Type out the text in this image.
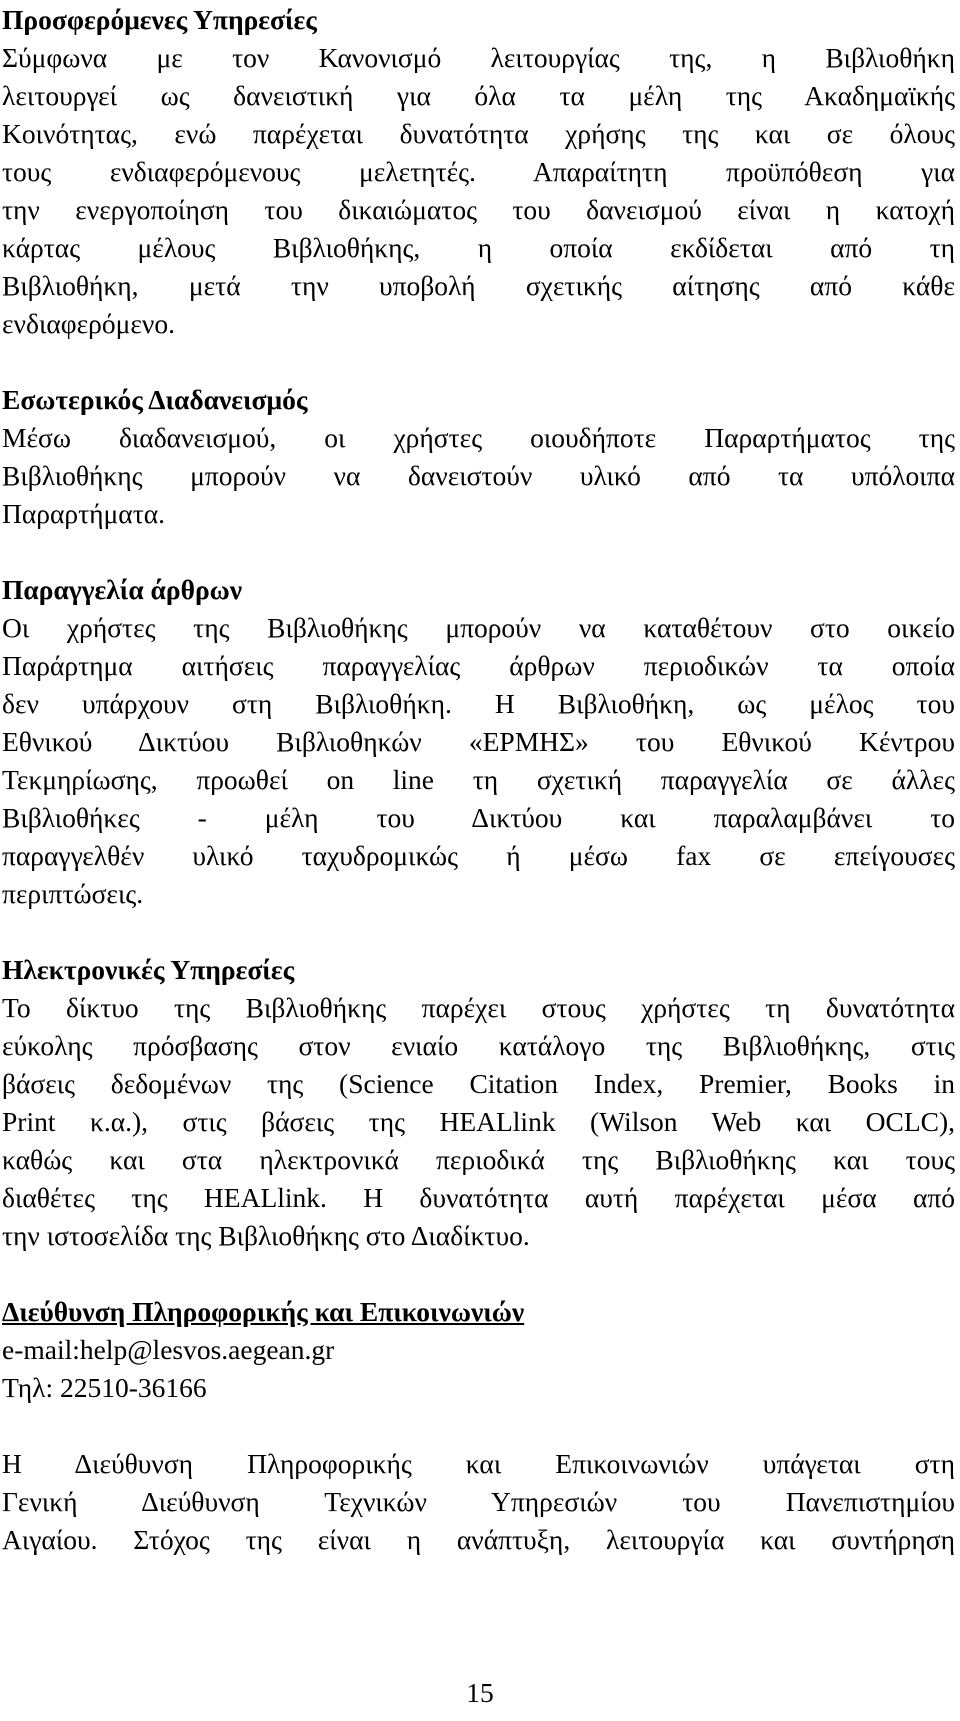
Προσφερόμενες Υπηρεσίες
Σύμφωνα με τον Κανονισμό λειτουργίας της, η Βιβλιοθήκη
λειτουργεί ως δανειστική για όλα τα μέλη της Ακαδημαϊκής
Κοινότητας, ενώ παρέχεται δυνατότητα χρήσης της και σε όλους
τους ενδιαφερόμενους μελετητές. Απαραίτητη προϋπόθεση για
την ενεργοποίηση του δικαιώματος του δανεισμού είναι η κατοχή
κάρτας μέλους Βιβλιοθήκης, η οποία εκδίδεται από τη
Βιβλιοθήκη, μετά την υποβολή σχετικής αίτησης από κάθε
ενδιαφερόμενο.
Εσωτερικός Διαδανεισμός
Μέσω διαδανεισμού, οι χρήστες οιουδήποτε Παραρτήματος της
Βιβλιοθήκης μπορούν να δανειστούν υλικό από τα υπόλοιπα
Παραρτήματα.
Παραγγελία άρθρων
Οι χρήστες της Βιβλιοθήκης μπορούν να καταθέτουν στο οικείο
Παράρτημα αιτήσεις παραγγελίας άρθρων περιοδικών τα οποία
δεν υπάρχουν στη Βιβλιοθήκη. Η Βιβλιοθήκη, ως μέλος του
Εθνικού Δικτύου Βιβλιοθηκών «ΕΡΜΗΣ» του Εθνικού Κέντρου
Τεκμηρίωσης, προωθεί on line τη σχετική παραγγελία σε άλλες
Βιβλιοθήκες - μέλη του Δικτύου και παραλαμβάνει το
παραγγελθέν υλικό ταχυδρομικώς ή μέσω fax σε επείγουσες
περιπτώσεις.
Ηλεκτρονικές Υπηρεσίες
Το δίκτυο της Βιβλιοθήκης παρέχει στους χρήστες τη δυνατότητα
εύκολης πρόσβασης στον ενιαίο κατάλογο της Βιβλιοθήκης, στις
βάσεις δεδομένων της (Science Citation Index, Premier, Books in
Print κ.α.), στις βάσεις της HEALlink (Wilson Web και OCLC),
καθώς και στα ηλεκτρονικά περιοδικά της Βιβλιοθήκης και τους
διαθέτες της HEALlink. Η δυνατότητα αυτή παρέχεται μέσα από
την ιστοσελίδα της Βιβλιοθήκης στο Διαδίκτυο.
Διεύθυνση Πληροφορικής και Επικοινωνιών
e-mail:help@lesvos.aegean.gr
Τηλ: 22510-36166
Η Διεύθυνση Πληροφορικής και Επικοινωνιών υπάγεται στη
Γενική Διεύθυνση Τεχνικών Υπηρεσιών του Πανεπιστημίου
Αιγαίου. Στόχος της είναι η ανάπτυξη, λειτουργία και συντήρηση
15
